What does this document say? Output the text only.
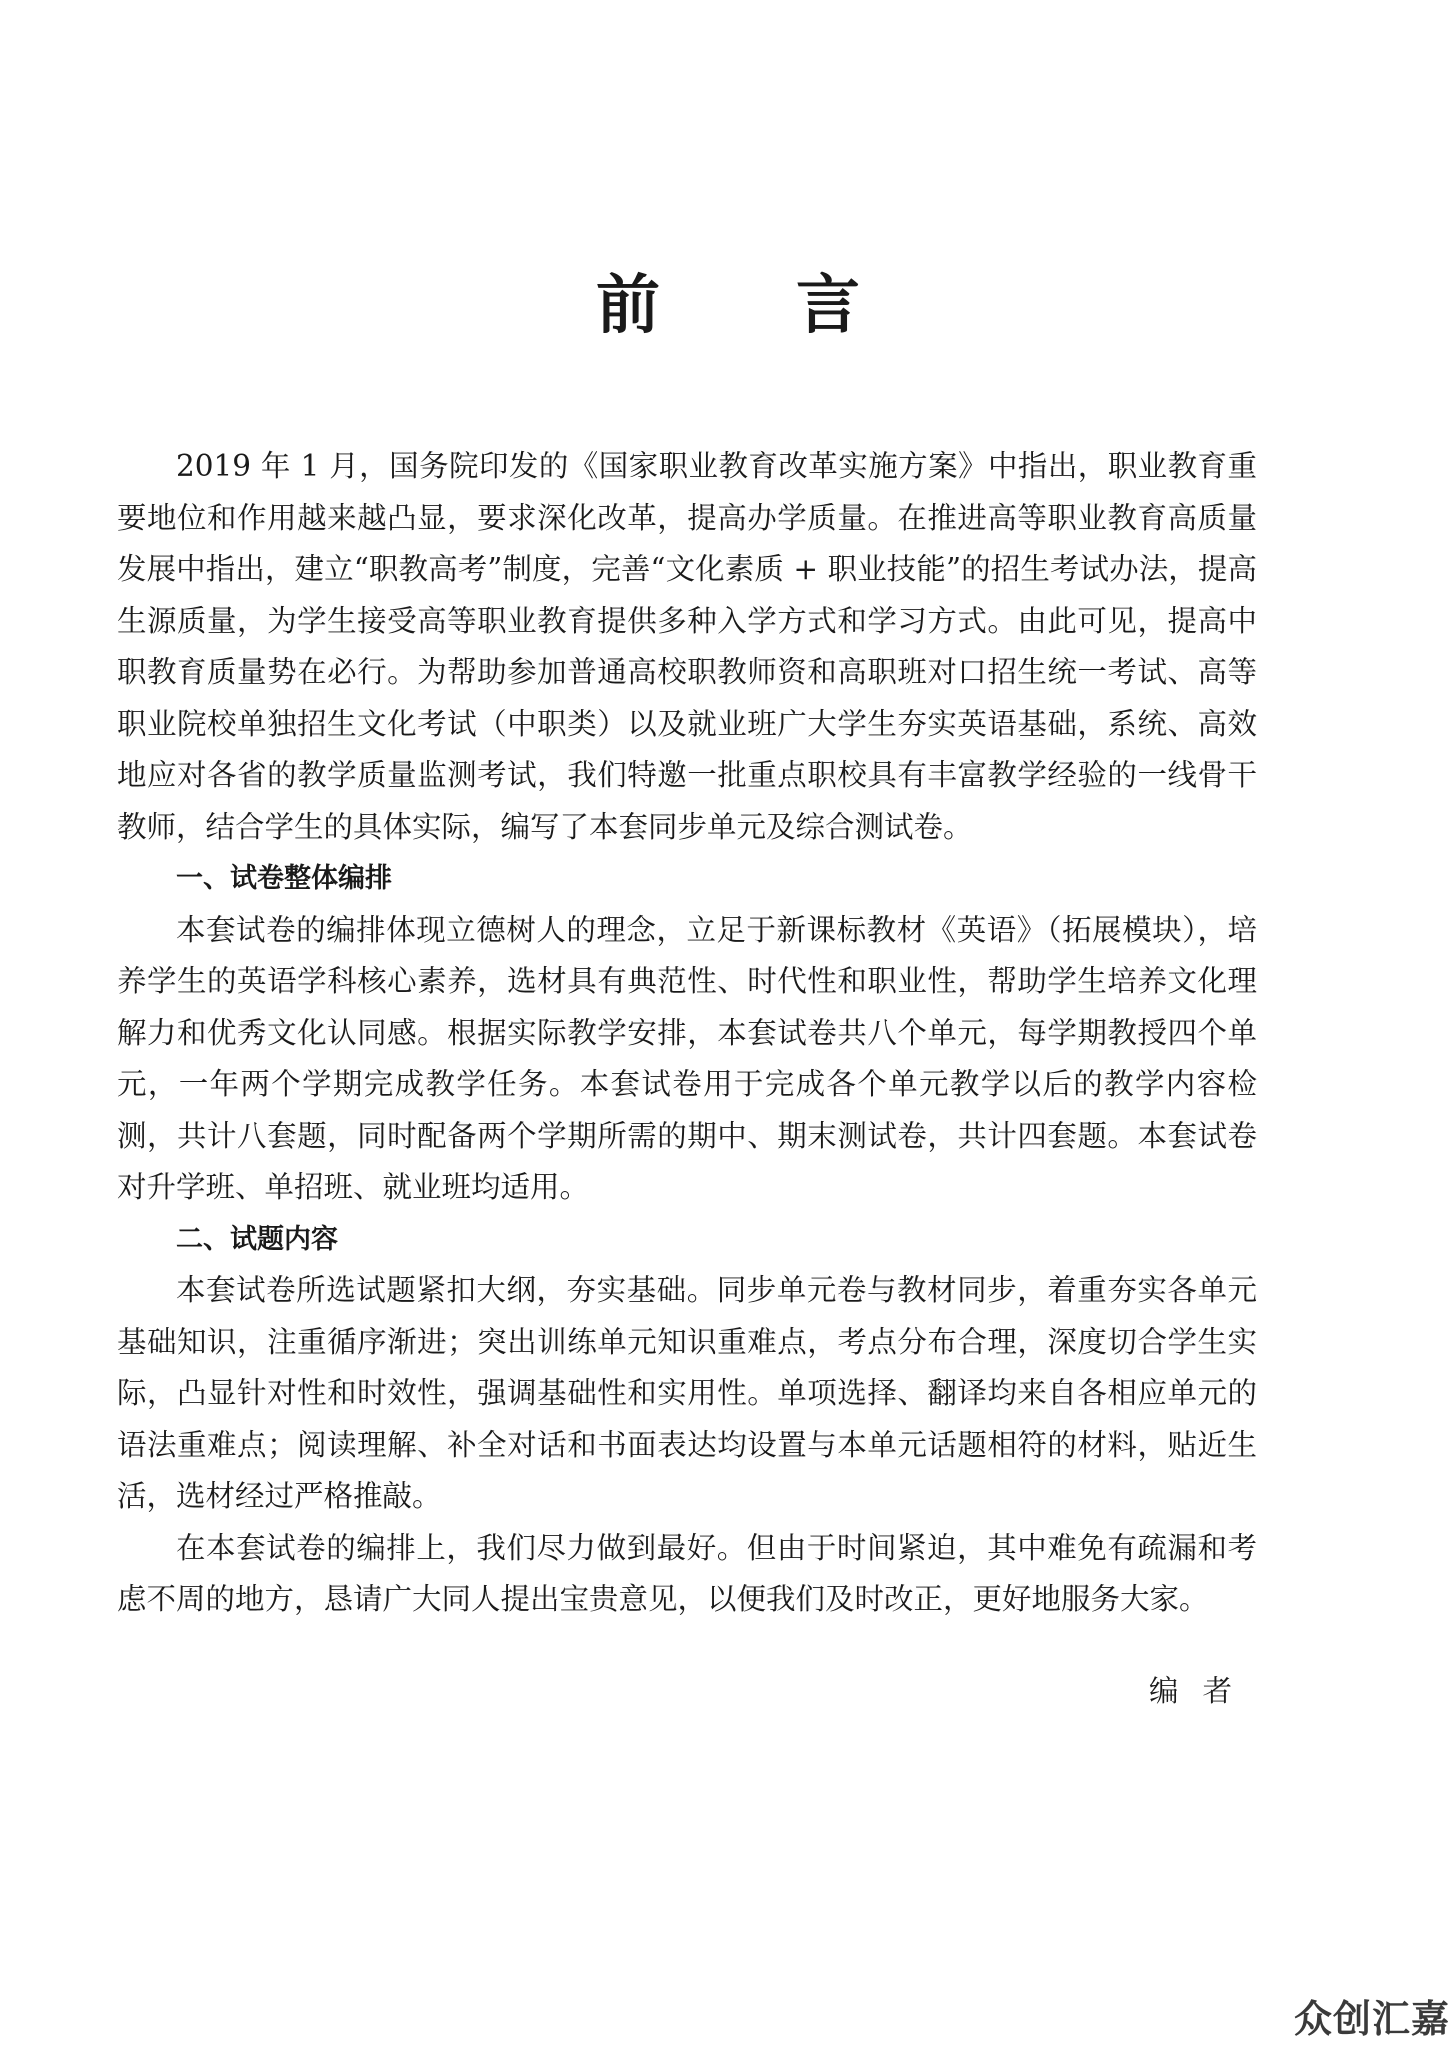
前 言

2019 年 1 月，国务院印发的《国家职业教育改革实施方案》中指出，职业教育重要地位和作用越来越凸显，要求深化改革，提高办学质量。在推进高等职业教育高质量发展中指出，建立“职教高考”制度，完善“文化素质 + 职业技能”的招生考试办法，提高生源质量，为学生接受高等职业教育提供多种入学方式和学习方式。由此可见，提高中职教育质量势在必行。为帮助参加普通高校职教师资和高职班对口招生统一考试、高等职业院校单独招生文化考试（中职类）以及就业班广大学生夯实英语基础，系统、高效地应对各省的教学质量监测考试，我们特邀一批重点职校具有丰富教学经验的一线骨干教师，结合学生的具体实际，编写了本套同步单元及综合测试卷。

一、试卷整体编排

本套试卷的编排体现立德树人的理念，立足于新课标教材《英语》（拓展模块），培养学生的英语学科核心素养，选材具有典范性、时代性和职业性，帮助学生培养文化理解力和优秀文化认同感。根据实际教学安排，本套试卷共八个单元，每学期教授四个单元，一年两个学期完成教学任务。本套试卷用于完成各个单元教学以后的教学内容检测，共计八套题，同时配备两个学期所需的期中、期末测试卷，共计四套题。本套试卷对升学班、单招班、就业班均适用。

二、试题内容

本套试卷所选试题紧扣大纲，夯实基础。同步单元卷与教材同步，着重夯实各单元基础知识，注重循序渐进；突出训练单元知识重难点，考点分布合理，深度切合学生实际，凸显针对性和时效性，强调基础性和实用性。单项选择、翻译均来自各相应单元的语法重难点；阅读理解、补全对话和书面表达均设置与本单元话题相符的材料，贴近生活，选材经过严格推敲。

在本套试卷的编排上，我们尽力做到最好。但由于时间紧迫，其中难免有疏漏和考虑不周的地方，恳请广大同人提出宝贵意见，以便我们及时改正，更好地服务大家。

编者

众创汇嘉
